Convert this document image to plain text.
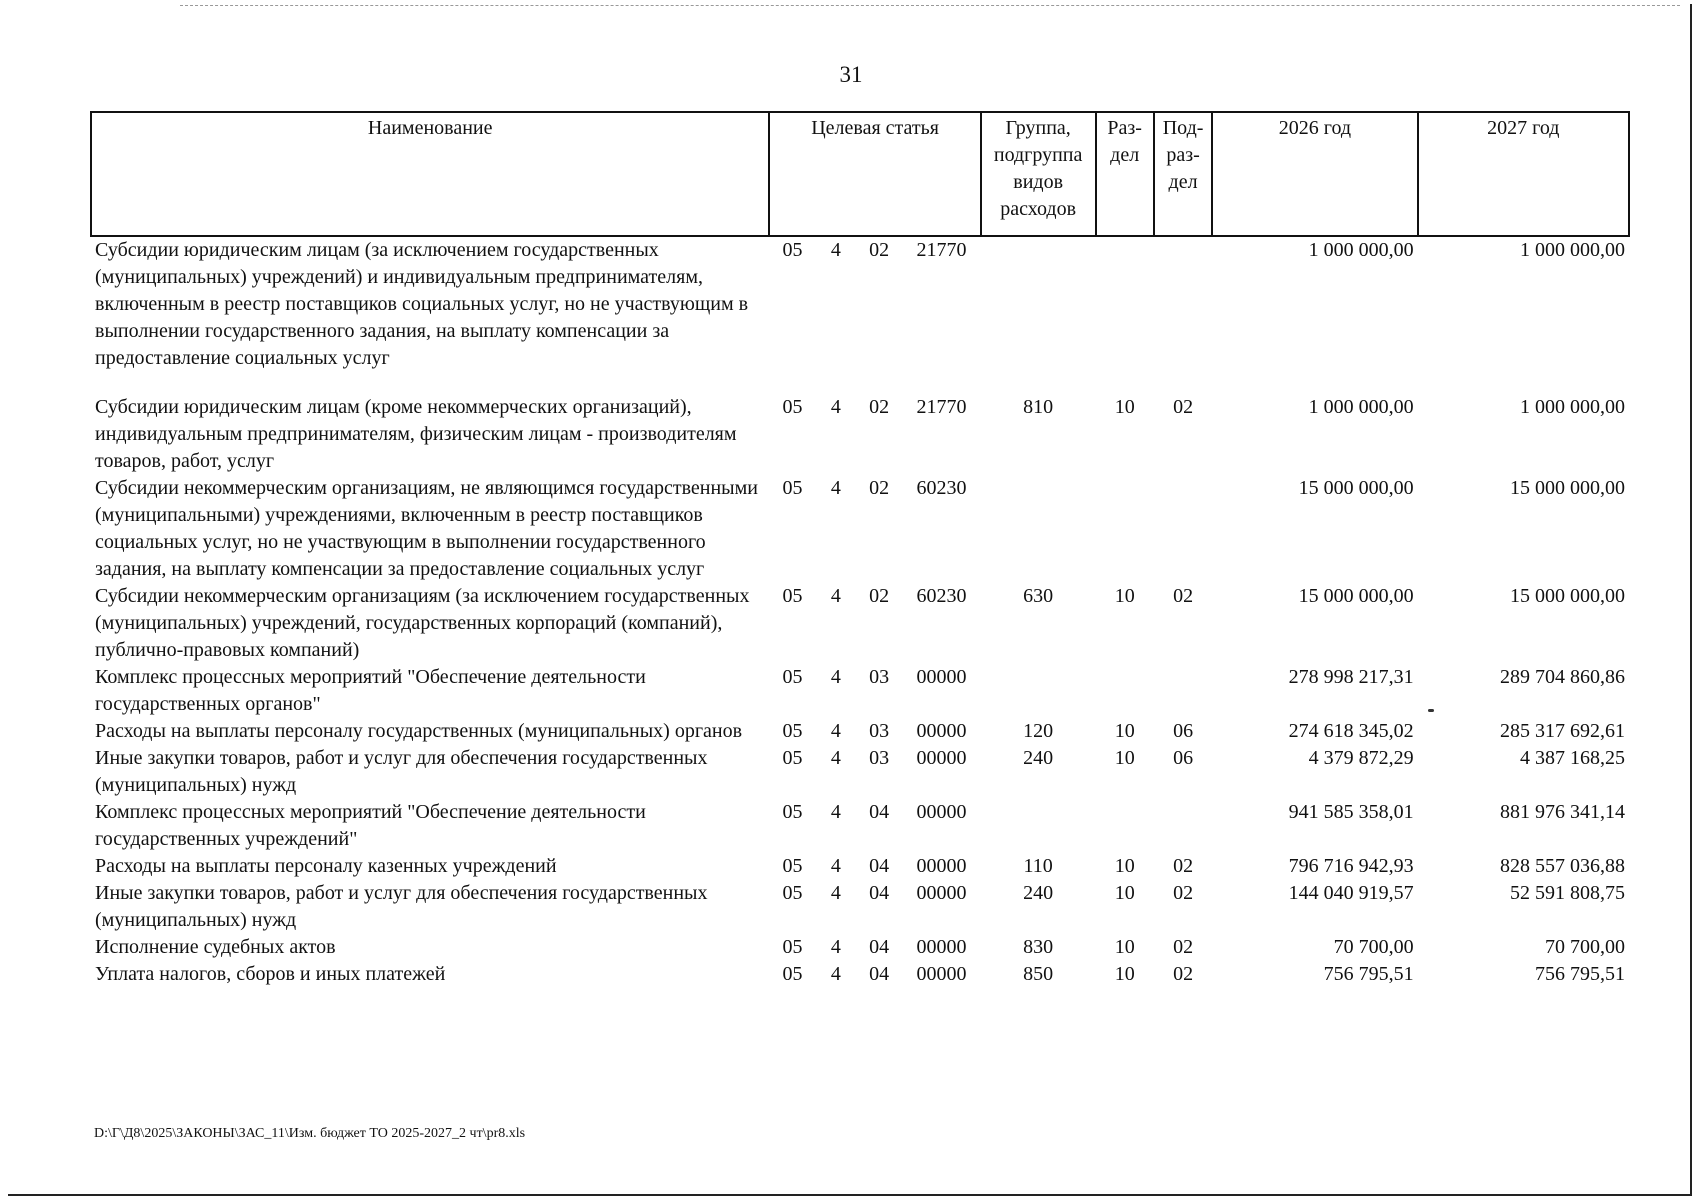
31
Наименование	Целевая статья				Группа, подгруппа видов расходов	Раз- дел	Под- раз- дел	2026 год	2027 год
Субсидии юридическим лицам (за исключением государственных (муниципальных) учреждений) и индивидуальным предпринимателям, включенным в реестр поставщиков социальных услуг, но не участвующим в выполнении государственного задания, на выплату компенсации за предоставление социальных услуг	05	4	02	21770				1 000 000,00	1 000 000,00
Субсидии юридическим лицам (кроме некоммерческих организаций), индивидуальным предпринимателям, физическим лицам - производителям товаров, работ, услуг	05	4	02	21770	810	10	02	1 000 000,00	1 000 000,00
Субсидии некоммерческим организациям, не являющимся государственными (муниципальными) учреждениями, включенным в реестр поставщиков социальных услуг, но не участвующим в выполнении государственного задания, на выплату компенсации за предоставление социальных услуг	05	4	02	60230				15 000 000,00	15 000 000,00
Субсидии некоммерческим организациям (за исключением государственных (муниципальных) учреждений, государственных корпораций (компаний), публично-правовых компаний)	05	4	02	60230	630	10	02	15 000 000,00	15 000 000,00
Комплекс процессных мероприятий "Обеспечение деятельности государственных органов"	05	4	03	00000				278 998 217,31	289 704 860,86
Расходы на выплаты персоналу государственных (муниципальных) органов	05	4	03	00000	120	10	06	274 618 345,02	285 317 692,61
Иные закупки товаров, работ и услуг для обеспечения государственных (муниципальных) нужд	05	4	03	00000	240	10	06	4 379 872,29	4 387 168,25
Комплекс процессных мероприятий "Обеспечение деятельности государственных учреждений"	05	4	04	00000				941 585 358,01	881 976 341,14
Расходы на выплаты персоналу казенных учреждений	05	4	04	00000	110	10	02	796 716 942,93	828 557 036,88
Иные закупки товаров, работ и услуг для обеспечения государственных (муниципальных) нужд	05	4	04	00000	240	10	02	144 040 919,57	52 591 808,75
Исполнение судебных актов	05	4	04	00000	830	10	02	70 700,00	70 700,00
Уплата налогов, сборов и иных платежей	05	4	04	00000	850	10	02	756 795,51	756 795,51
D:\Г\Д8\2025\ЗАКОНЫ\ЗАС_11\Изм. бюджет ТО 2025-2027_2 чт\pr8.xls
